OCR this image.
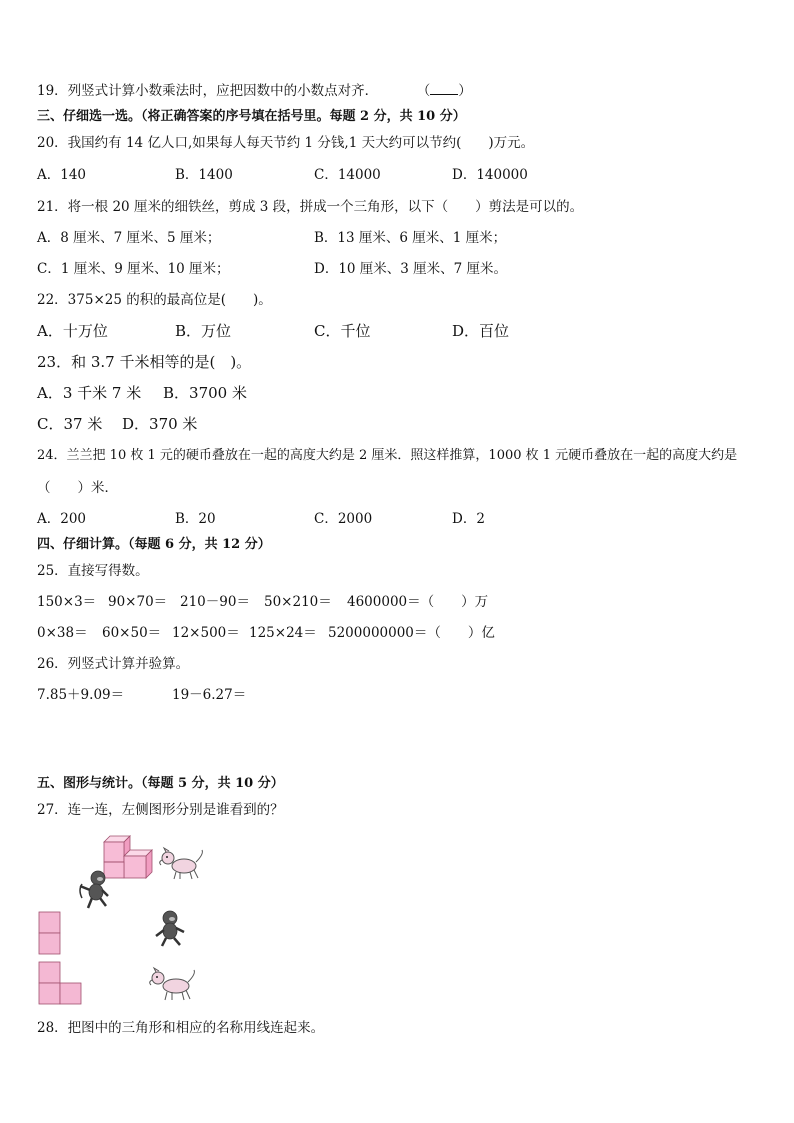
19．列竖式计算小数乘法时，应把因数中的小数点对齐．	（ ）
三、仔细选一选。（将正确答案的序号填在括号里。每题 2 分，共 10 分）
20．我国约有 14 亿人口,如果每人每天节约 1 分钱,1 天大约可以节约(　　)万元。
A．140	B．1400	C．14000	D．140000
21．将一根 20 厘米的细铁丝，剪成 3 段，拼成一个三角形，以下（　　）剪法是可以的。
A．8 厘米、7 厘米、5 厘米；	B．13 厘米、6 厘米、1 厘米；
C．1 厘米、9 厘米、10 厘米；	D．10 厘米、3 厘米、7 厘米。
22．375×25 的积的最高位是(　　)。
A．十万位	B．万位	C．千位	D．百位
23．和 3.7 千米相等的是(　)。
A．3 千米 7 米 B．3700 米
C．37 米 D．370 米
24．兰兰把 10 枚 1 元的硬币叠放在一起的高度大约是 2 厘米．照这样推算，1000 枚 1 元硬币叠放在一起的高度大约是
（　　）米．
A．200	B．20	C．2000	D．2
四、仔细计算。（每题 6 分，共 12 分）
25．直接写得数。
150×3＝ 90×70＝ 210－90＝ 50×210＝ 4600000＝（　　）万
0×38＝ 60×50＝ 12×500＝ 125×24＝ 5200000000＝（　　）亿
26．列竖式计算并验算。
7.85＋9.09＝	19－6.27＝
五、图形与统计。（每题 5 分，共 10 分）
27．连一连，左侧图形分别是谁看到的？
28．把图中的三角形和相应的名称用线连起来。
